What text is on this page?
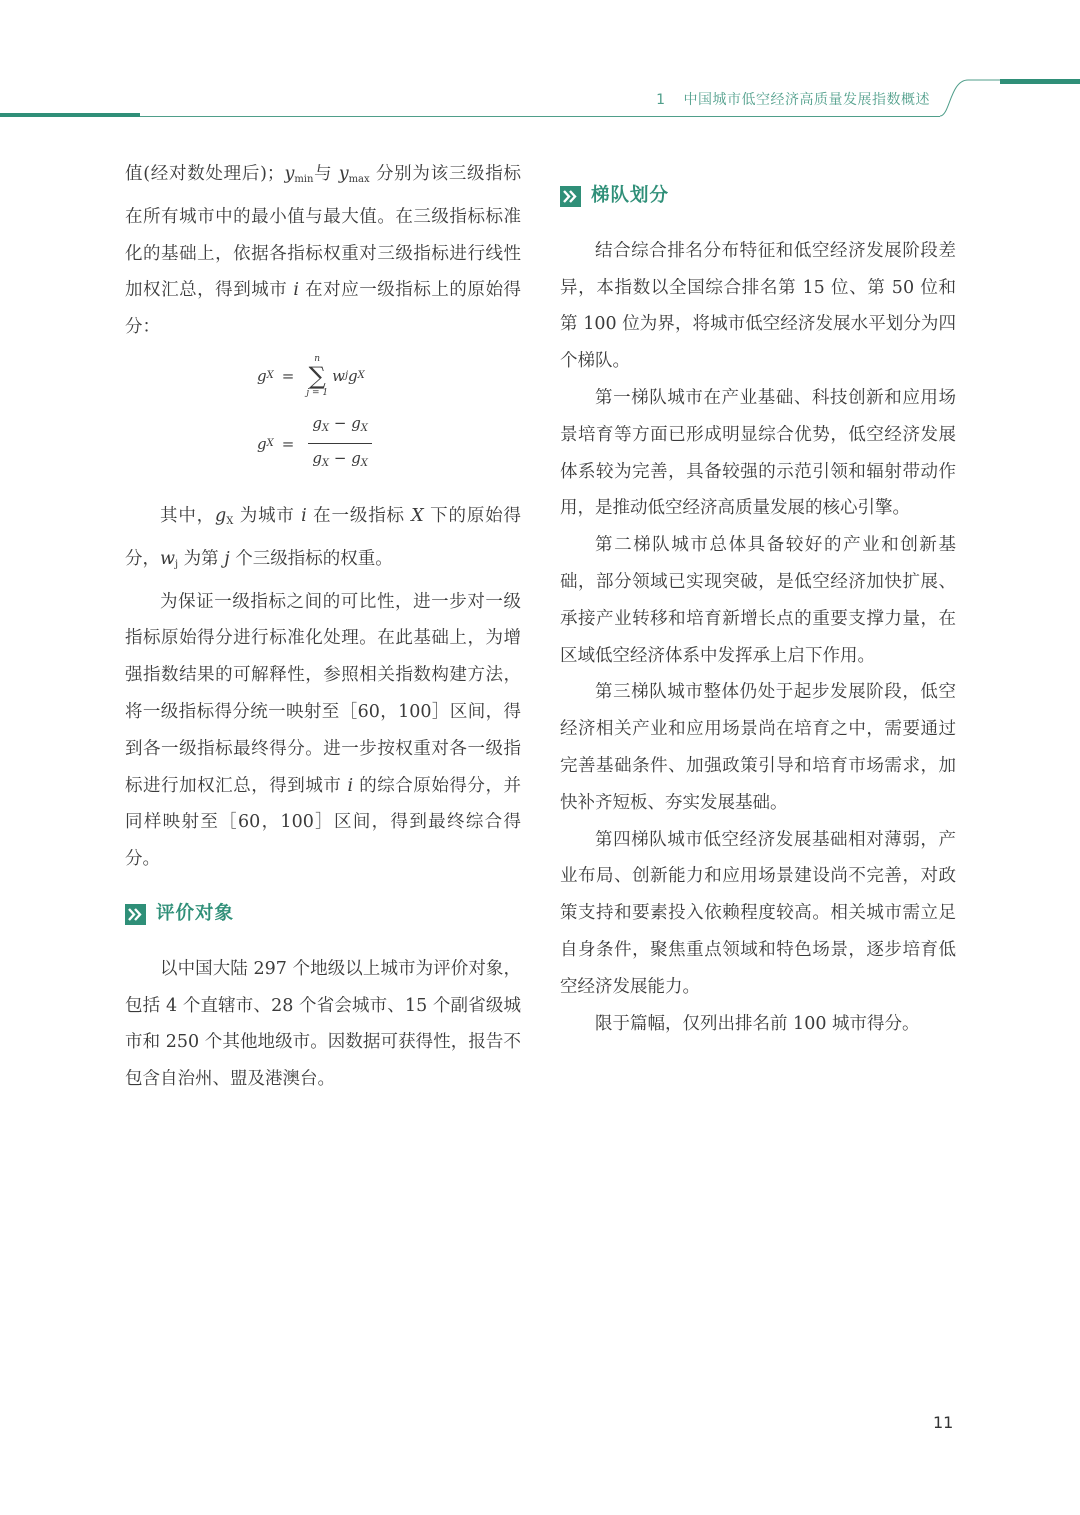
1 中国城市低空经济高质量发展指数概述

值(经对数处理后)；$y_{min}$与 $y_{max}$ 分别为该三级指标在所有城市中的最小值与最大值。在三级指标标准化的基础上，依据各指标权重对三级指标进行线性加权汇总，得到城市 i 在对应一级指标上的原始得分：

g X =
n
∑
j = 1
w j g X
g $X = \frac{g_X - g_X}{g_X - g_X}$

其中，$g_X$ 为城市 i 在一级指标 X 下的原始得分，$w_j$ 为第 j 个三级指标的权重。

为保证一级指标之间的可比性，进一步对一级指标原始得分进行标准化处理。在此基础上，为增强指数结果的可解释性，参照相关指数构建方法，将一级指标得分统一映射至［60，100］区间，得到各一级指标最终得分。进一步按权重对各一级指标进行加权汇总，得到城市 i 的综合原始得分，并同样映射至［60，100］区间，得到最终综合得分。

评价对象

以中国大陆 297 个地级以上城市为评价对象，包括 4 个直辖市、28 个省会城市、15 个副省级城市和 250 个其他地级市。因数据可获得性，报告不包含自治州、盟及港澳台。

梯队划分

结合综合排名分布特征和低空经济发展阶段差异，本指数以全国综合排名第 15 位、第 50 位和第 100 位为界，将城市低空经济发展水平划分为四个梯队。

第一梯队城市在产业基础、科技创新和应用场景培育等方面已形成明显综合优势，低空经济发展体系较为完善，具备较强的示范引领和辐射带动作用，是推动低空经济高质量发展的核心引擎。

第二梯队城市总体具备较好的产业和创新基础，部分领域已实现突破，是低空经济加快扩展、承接产业转移和培育新增长点的重要支撑力量，在区域低空经济体系中发挥承上启下作用。

第三梯队城市整体仍处于起步发展阶段，低空经济相关产业和应用场景尚在培育之中，需要通过完善基础条件、加强政策引导和培育市场需求，加快补齐短板、夯实发展基础。

第四梯队城市低空经济发展基础相对薄弱，产业布局、创新能力和应用场景建设尚不完善，对政策支持和要素投入依赖程度较高。相关城市需立足自身条件，聚焦重点领域和特色场景，逐步培育低空经济发展能力。

限于篇幅，仅列出排名前 100 城市得分。

11
